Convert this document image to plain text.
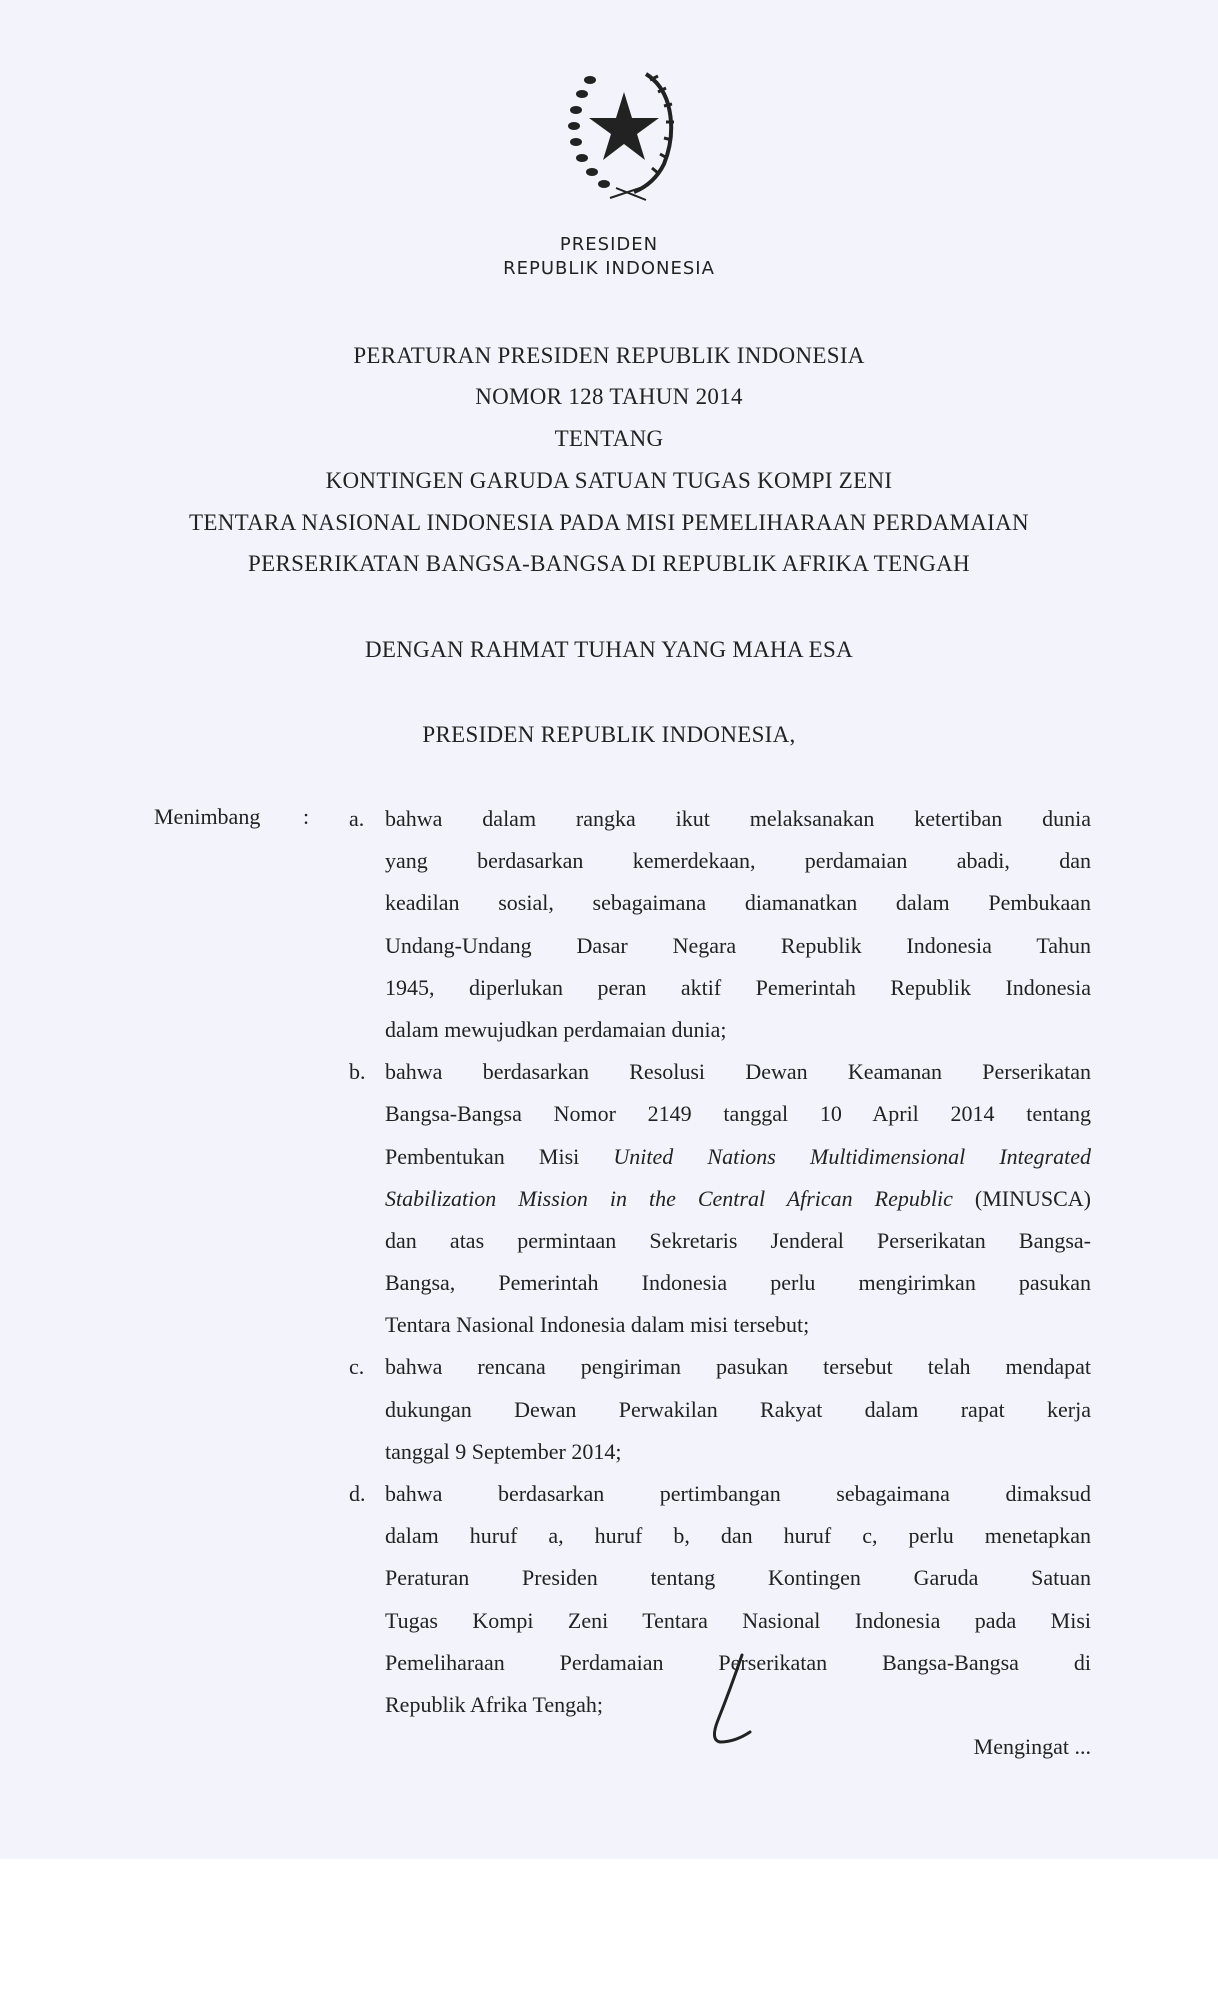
PRESIDEN
REPUBLIK INDONESIA
PERATURAN PRESIDEN REPUBLIK INDONESIA
NOMOR 128 TAHUN 2014
TENTANG
KONTINGEN GARUDA SATUAN TUGAS KOMPI ZENI
TENTARA NASIONAL INDONESIA PADA MISI PEMELIHARAAN PERDAMAIAN
PERSERIKATAN BANGSA-BANGSA DI REPUBLIK AFRIKA TENGAH
DENGAN RAHMAT TUHAN YANG MAHA ESA
PRESIDEN REPUBLIK INDONESIA,
Menimbang : a. bahwa dalam rangka ikut melaksanakan ketertiban dunia
yang berdasarkan kemerdekaan, perdamaian abadi, dan
keadilan sosial, sebagaimana diamanatkan dalam Pembukaan
Undang-Undang Dasar Negara Republik Indonesia Tahun
1945, diperlukan peran aktif Pemerintah Republik Indonesia
dalam mewujudkan perdamaian dunia;
b. bahwa berdasarkan Resolusi Dewan Keamanan Perserikatan
Bangsa-Bangsa Nomor 2149 tanggal 10 April 2014 tentang
Pembentukan Misi United Nations Multidimensional Integrated
Stabilization Mission in the Central African Republic (MINUSCA)
dan atas permintaan Sekretaris Jenderal Perserikatan Bangsa-
Bangsa, Pemerintah Indonesia perlu mengirimkan pasukan
Tentara Nasional Indonesia dalam misi tersebut;
c. bahwa rencana pengiriman pasukan tersebut telah mendapat
dukungan Dewan Perwakilan Rakyat dalam rapat kerja
tanggal 9 September 2014;
d. bahwa berdasarkan pertimbangan sebagaimana dimaksud
dalam huruf a, huruf b, dan huruf c, perlu menetapkan
Peraturan Presiden tentang Kontingen Garuda Satuan
Tugas Kompi Zeni Tentara Nasional Indonesia pada Misi
Pemeliharaan Perdamaian Perserikatan Bangsa-Bangsa di
Republik Afrika Tengah;
Mengingat ...
